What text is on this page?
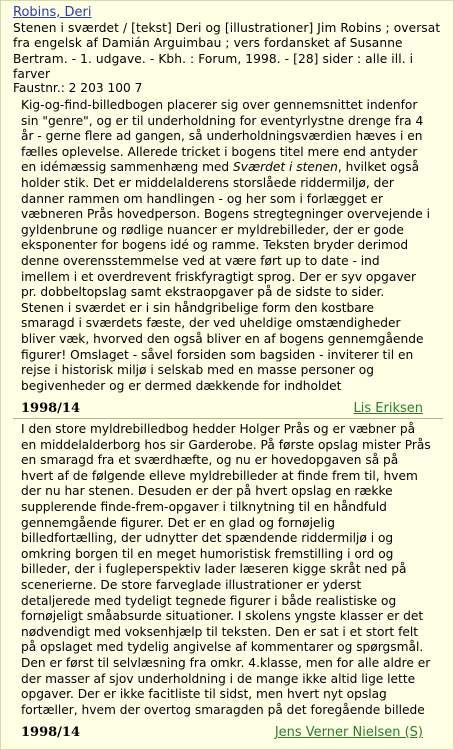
Robins, Deri
Stenen i sværdet / [tekst] Deri og [illustrationer] Jim Robins ; oversat fra engelsk af Damián Arguimbau ; vers fordansket af Susanne Bertram. - 1. udgave. - Kbh. : Forum, 1998. - [28] sider : alle ill. i farver
Faustnr.: 2 203 100 7

Kig-og-find-billedbogen placerer sig over gennemsnittet indenfor sin "genre", og er til underholdning for eventyrlystne drenge fra 4 år - gerne flere ad gangen, så underholdningsværdien hæves i en fælles oplevelse. Allerede tricket i bogens titel mere end antyder en idémæssig sammenhæng med Sværdet i stenen, hvilket også holder stik. Det er middelalderens storslåede riddermiljø, der danner rammen om handlingen - og her som i forlægget er væbneren Prås hovedperson. Bogens stregtegninger overvejende i gyldenbrune og rødlige nuancer er myldrebilleder, der er gode eksponenter for bogens idé og ramme. Teksten bryder derimod denne overensstemmelse ved at være ført up to date - ind imellem i et overdrevent friskfyragtigt sprog. Der er syv opgaver pr. dobbeltopslag samt ekstraopgaver på de sidste to sider. Stenen i sværdet er i sin håndgribelige form den kostbare smaragd i sværdets fæste, der ved uheldige omstændigheder bliver væk, hvorved den også bliver en af bogens gennemgående figurer! Omslaget - såvel forsiden som bagsiden - inviterer til en rejse i historisk miljø i selskab med en masse personer og begivenheder og er dermed dækkende for indholdet

1998/14	Lis Eriksen

I den store myldrebilledbog hedder Holger Prås og er væbner på en middelalderborg hos sir Garderobe. På første opslag mister Prås en smaragd fra et sværdhæfte, og nu er hovedopgaven så på hvert af de følgende elleve myldrebilleder at finde frem til, hvem der nu har stenen. Desuden er der på hvert opslag en række supplerende finde-frem-opgaver i tilknytning til en håndfuld gennemgående figurer. Det er en glad og fornøjelig billedfortælling, der udnytter det spændende riddermiljø i og omkring borgen til en meget humoristisk fremstilling i ord og billeder, der i fugleperspektiv lader læseren kigge skråt ned på scenerierne. De store farveglade illustrationer er yderst detaljerede med tydeligt tegnede figurer i både realistiske og fornøjeligt småabsurde situationer. I skolens yngste klasser er det nødvendigt med voksenhjælp til teksten. Den er sat i et stort felt på opslaget med tydelig angivelse af kommentarer og spørgsmål. Den er først til selvlæsning fra omkr. 4.klasse, men for alle aldre er der masser af sjov underholdning i de mange ikke altid lige lette opgaver. Der er ikke facitliste til sidst, men hvert nyt opslag fortæller, hvem der overtog smaragden på det foregående billede

1998/14	Jens Verner Nielsen (S)
